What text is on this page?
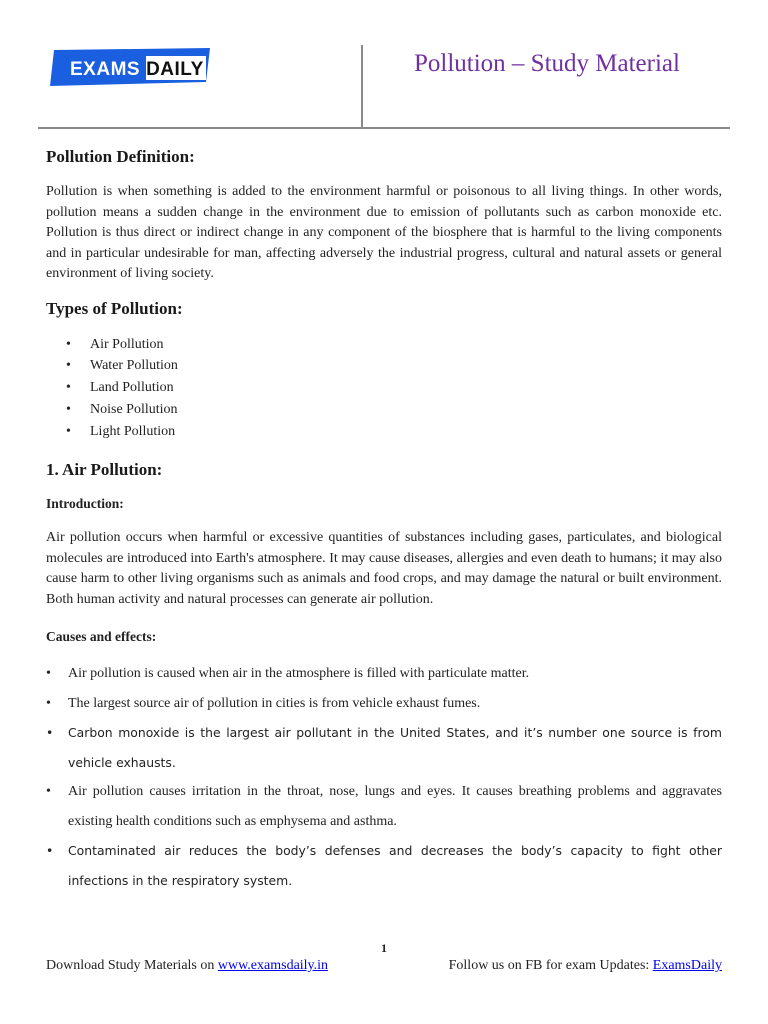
EXAMS DAILY	Pollution – Study Material
Pollution Definition:

Pollution is when something is added to the environment harmful or poisonous to all living things. In other words, pollution means a sudden change in the environment due to emission of pollutants such as carbon monoxide etc. Pollution is thus direct or indirect change in any component of the biosphere that is harmful to the living components and in particular undesirable for man, affecting adversely the industrial progress, cultural and natural assets or general environment of living society.

Types of Pollution:
• Air Pollution
• Water Pollution
• Land Pollution
• Noise Pollution
• Light Pollution
1. Air Pollution:
Introduction:

Air pollution occurs when harmful or excessive quantities of substances including gases, particulates, and biological molecules are introduced into Earth's atmosphere. It may cause diseases, allergies and even death to humans; it may also cause harm to other living organisms such as animals and food crops, and may damage the natural or built environment. Both human activity and natural processes can generate air pollution.

Causes and effects:
• Air pollution is caused when air in the atmosphere is filled with particulate matter.
• The largest source air of pollution in cities is from vehicle exhaust fumes.
• Carbon monoxide is the largest air pollutant in the United States, and it’s number one source is from vehicle exhausts.
• Air pollution causes irritation in the throat, nose, lungs and eyes. It causes breathing problems and aggravates existing health conditions such as emphysema and asthma.
• Contaminated air reduces the body’s defenses and decreases the body’s capacity to fight other infections in the respiratory system.
1
Download Study Materials on www.examsdaily.in	Follow us on FB for exam Updates: ExamsDaily
